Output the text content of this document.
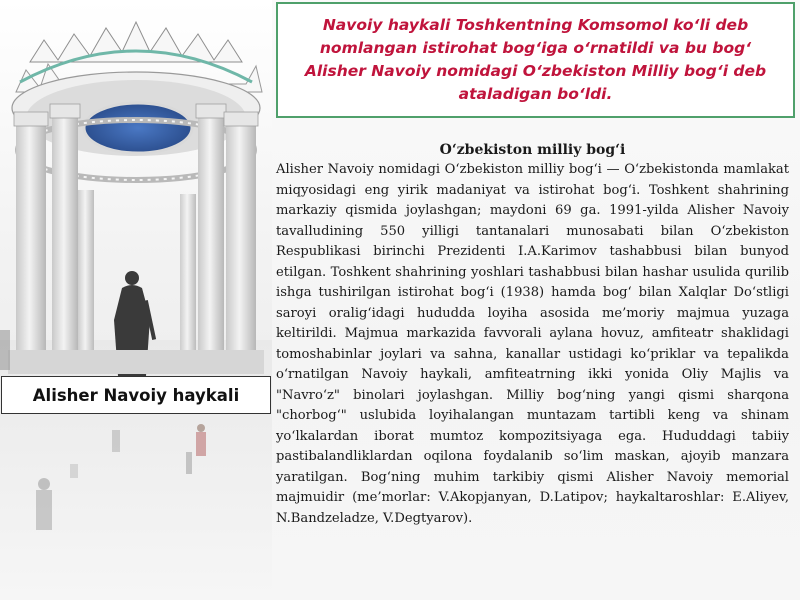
Navoiy haykali Toshkentning Komsomol ko‘li deb nomlangan istirohat bog‘iga o‘rnatildi va bu bog‘ Alisher Navoiy nomidagi O‘zbekiston Milliy bog‘i deb ataladigan bo‘ldi.
Alisher Navoiy haykali

O‘zbekiston milliy bog‘i

Alisher Navoiy nomidagi O‘zbekiston milliy bog‘i — O‘zbekistonda mamlakat miqyosidagi eng yirik madaniyat va istirohat bog‘i. Toshkent shahrining markaziy qismida joylashgan; maydoni 69 ga. 1991-yilda Alisher Navoiy tavalludining 550 yilligi tantanalari munosabati bilan O‘zbekiston Respublikasi birinchi Prezidenti I.A.Karimov tashabbusi bilan bunyod etilgan. Toshkent shahrining yoshlari tashabbusi bilan hashar usulida qurilib ishga tushirilgan istirohat bog‘i (1938) hamda bog‘ bilan Xalqlar Do‘stligi saroyi oralig‘idagi hududda loyiha asosida me’moriy majmua yuzaga keltirildi. Majmua markazida favvorali aylana hovuz, amfiteatr shaklidagi tomoshabinlar joylari va sahna, kanallar ustidagi ko‘priklar va tepalikda o‘rnatilgan Navoiy haykali, amfiteatrning ikki yonida Oliy Majlis va "Navro‘z" binolari joylashgan. Milliy bog‘ning yangi qismi sharqona "chorbog‘" uslubida loyihalangan muntazam tartibli keng va shinam yo‘lkalardan iborat mumtoz kompozitsiyaga ega. Hududdagi tabiiy pastibalandliklardan oqilona foydalanib so‘lim maskan, ajoyib manzara yaratilgan. Bog‘ning muhim tarkibiy qismi Alisher Navoiy memorial majmuidir (me’morlar: V.Akopjanyan, D.Latipov; haykaltaroshlar: E.Aliyev, N.Bandzeladze, V.Degtyarov).
